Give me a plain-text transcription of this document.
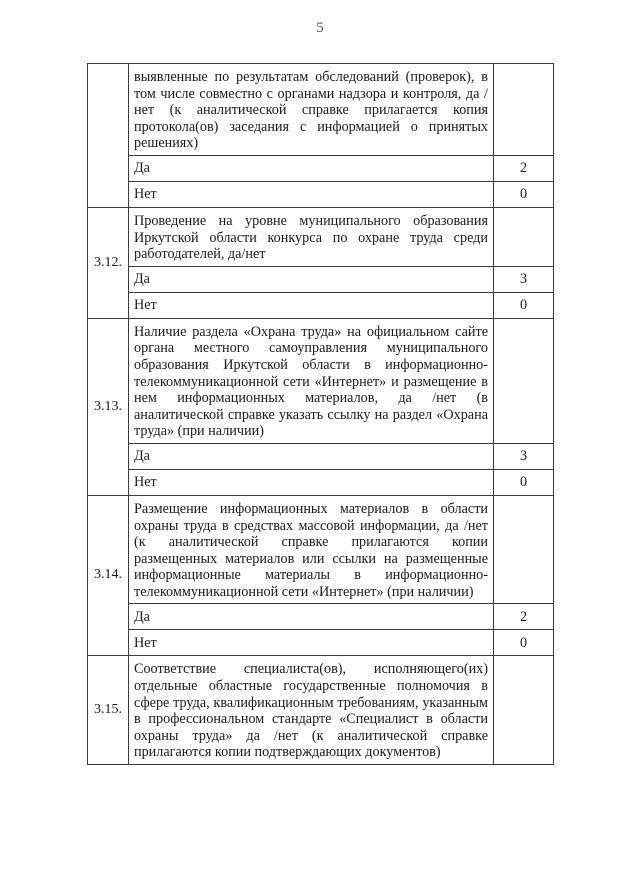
5
	выявленные по результатам обследований (проверок), в том числе совместно с органами надзора и контроля, да /нет (к аналитической справке прилагается копия протокола(ов) заседания с информацией о принятых решениях)	
	Да	2
	Нет	0
3.12.	Проведение на уровне муниципального образования Иркутской области конкурса по охране труда среди работодателей, да/нет	
	Да	3
	Нет	0
3.13.	Наличие раздела «Охрана труда» на официальном сайте органа местного самоуправления муниципального образования Иркутской области в информационно-телекоммуникационной сети «Интернет» и размещение в нем информационных материалов, да /нет (в аналитической справке указать ссылку на раздел «Охрана труда» (при наличии)	
	Да	3
	Нет	0
3.14.	Размещение информационных материалов в области охраны труда в средствах массовой информации, да /нет (к аналитической справке прилагаются копии размещенных материалов или ссылки на размещенные информационные материалы в информационно-телекоммуникационной сети «Интернет» (при наличии)	
	Да	2
	Нет	0
3.15.	Соответствие специалиста(ов), исполняющего(их) отдельные областные государственные полномочия в сфере труда, квалификационным требованиям, указанным в профессиональном стандарте «Специалист в области охраны труда» да /нет (к аналитической справке прилагаются копии подтверждающих документов)	
